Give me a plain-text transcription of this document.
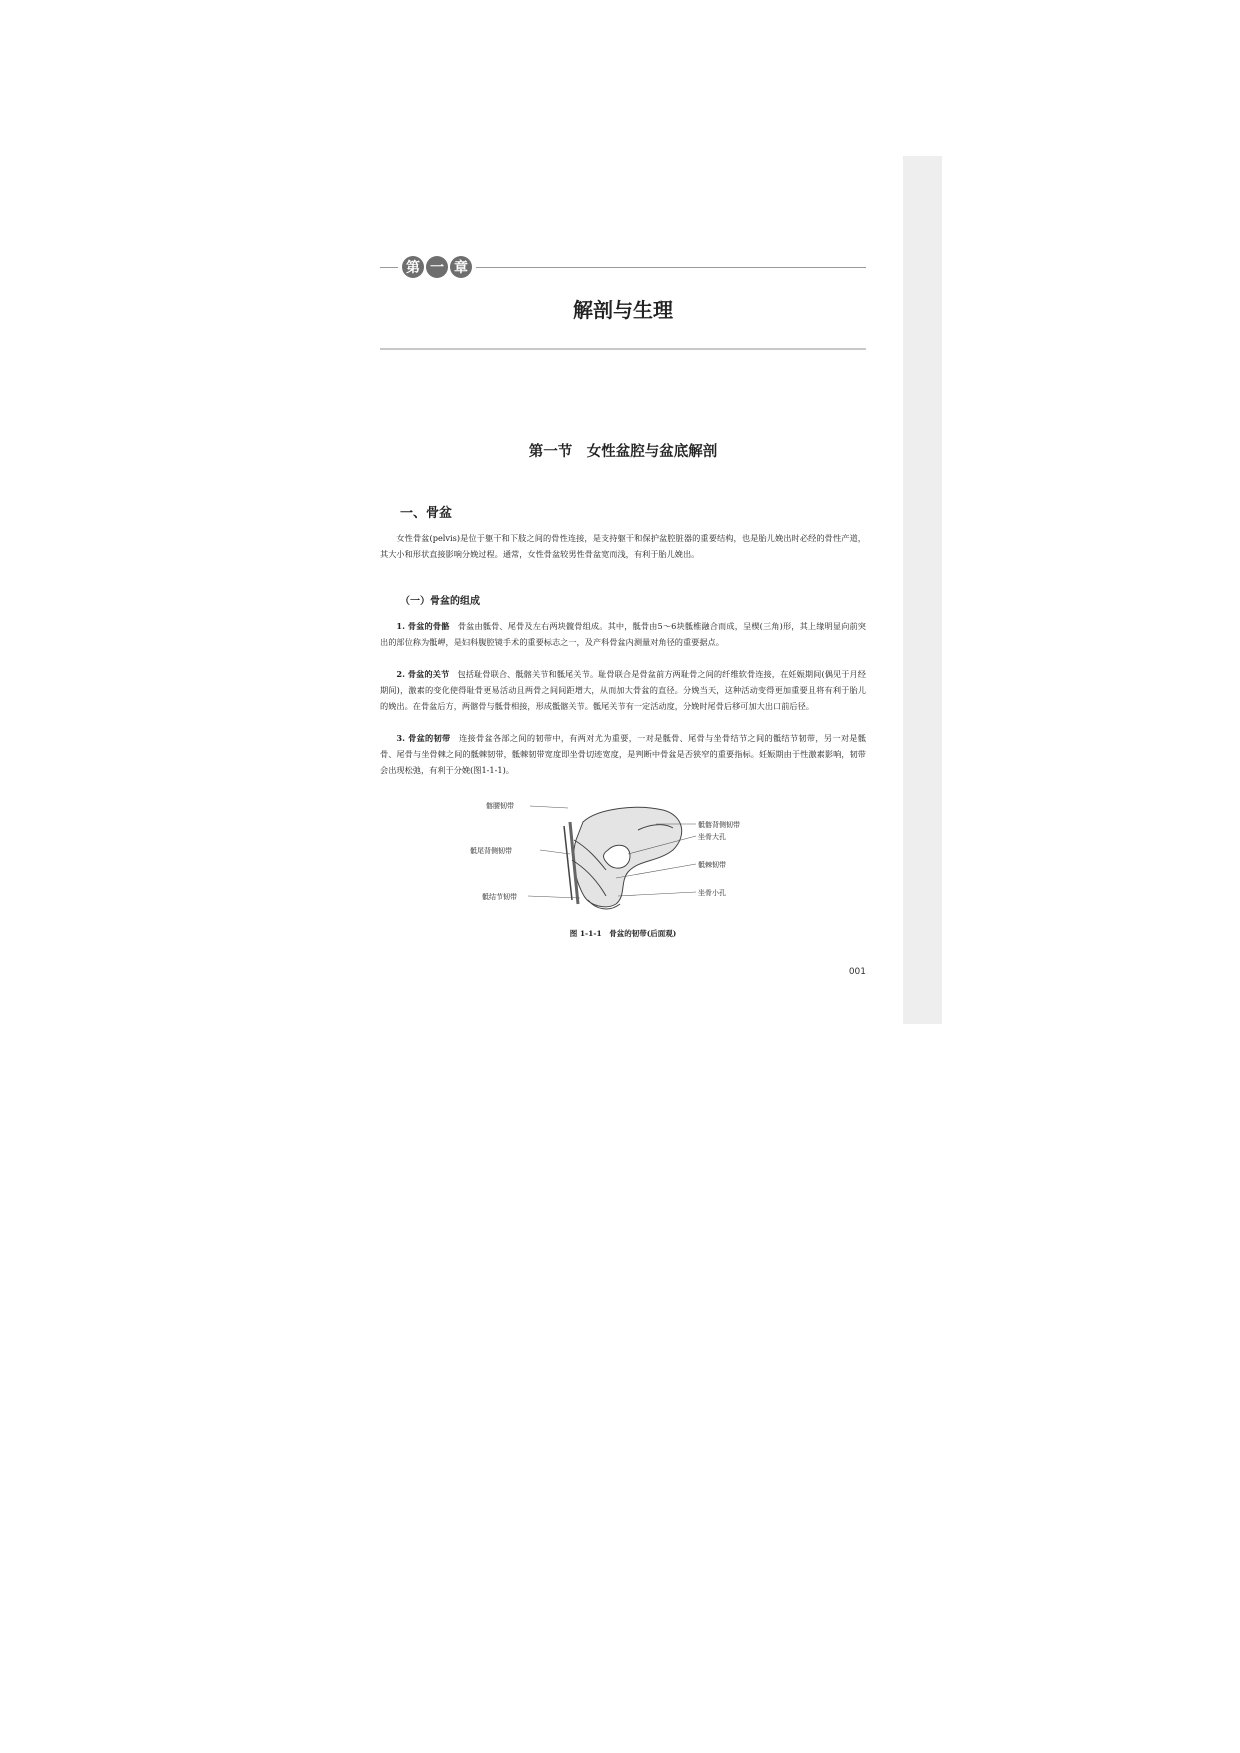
第 一 章
解剖与生理
第一节　女性盆腔与盆底解剖
一、骨盆

女性骨盆(pelvis)是位于躯干和下肢之间的骨性连接，是支持躯干和保护盆腔脏器的重要结构，也是胎儿娩出时必经的骨性产道，其大小和形状直接影响分娩过程。通常，女性骨盆较男性骨盆宽而浅，有利于胎儿娩出。

（一）骨盆的组成

1. 骨盆的骨骼　骨盆由骶骨、尾骨及左右两块髋骨组成。其中，骶骨由5～6块骶椎融合而成，呈楔(三角)形，其上缘明显向前突出的部位称为骶岬，是妇科腹腔镜手术的重要标志之一，及产科骨盆内测量对角径的重要据点。

2. 骨盆的关节　包括耻骨联合、骶髂关节和骶尾关节。耻骨联合是骨盆前方两耻骨之间的纤维软骨连接，在妊娠期间(偶见于月经期间)，激素的变化使得耻骨更易活动且两骨之间间距增大，从而加大骨盆的直径。分娩当天，这种活动变得更加重要且将有利于胎儿的娩出。在骨盆后方，两髂骨与骶骨相接，形成骶髂关节。骶尾关节有一定活动度，分娩时尾骨后移可加大出口前后径。

3. 骨盆的韧带　连接骨盆各部之间的韧带中，有两对尤为重要，一对是骶骨、尾骨与坐骨结节之间的骶结节韧带，另一对是骶骨、尾骨与坐骨棘之间的骶棘韧带，骶棘韧带宽度即坐骨切迹宽度，是判断中骨盆是否狭窄的重要指标。妊娠期由于性激素影响，韧带会出现松弛，有利于分娩(图1-1-1)。

髂腰韧带
骶尾背侧韧带
骶结节韧带
骶髂背侧韧带
坐骨大孔
骶棘韧带
坐骨小孔
图 1-1-1　骨盆的韧带(后面观)
001
